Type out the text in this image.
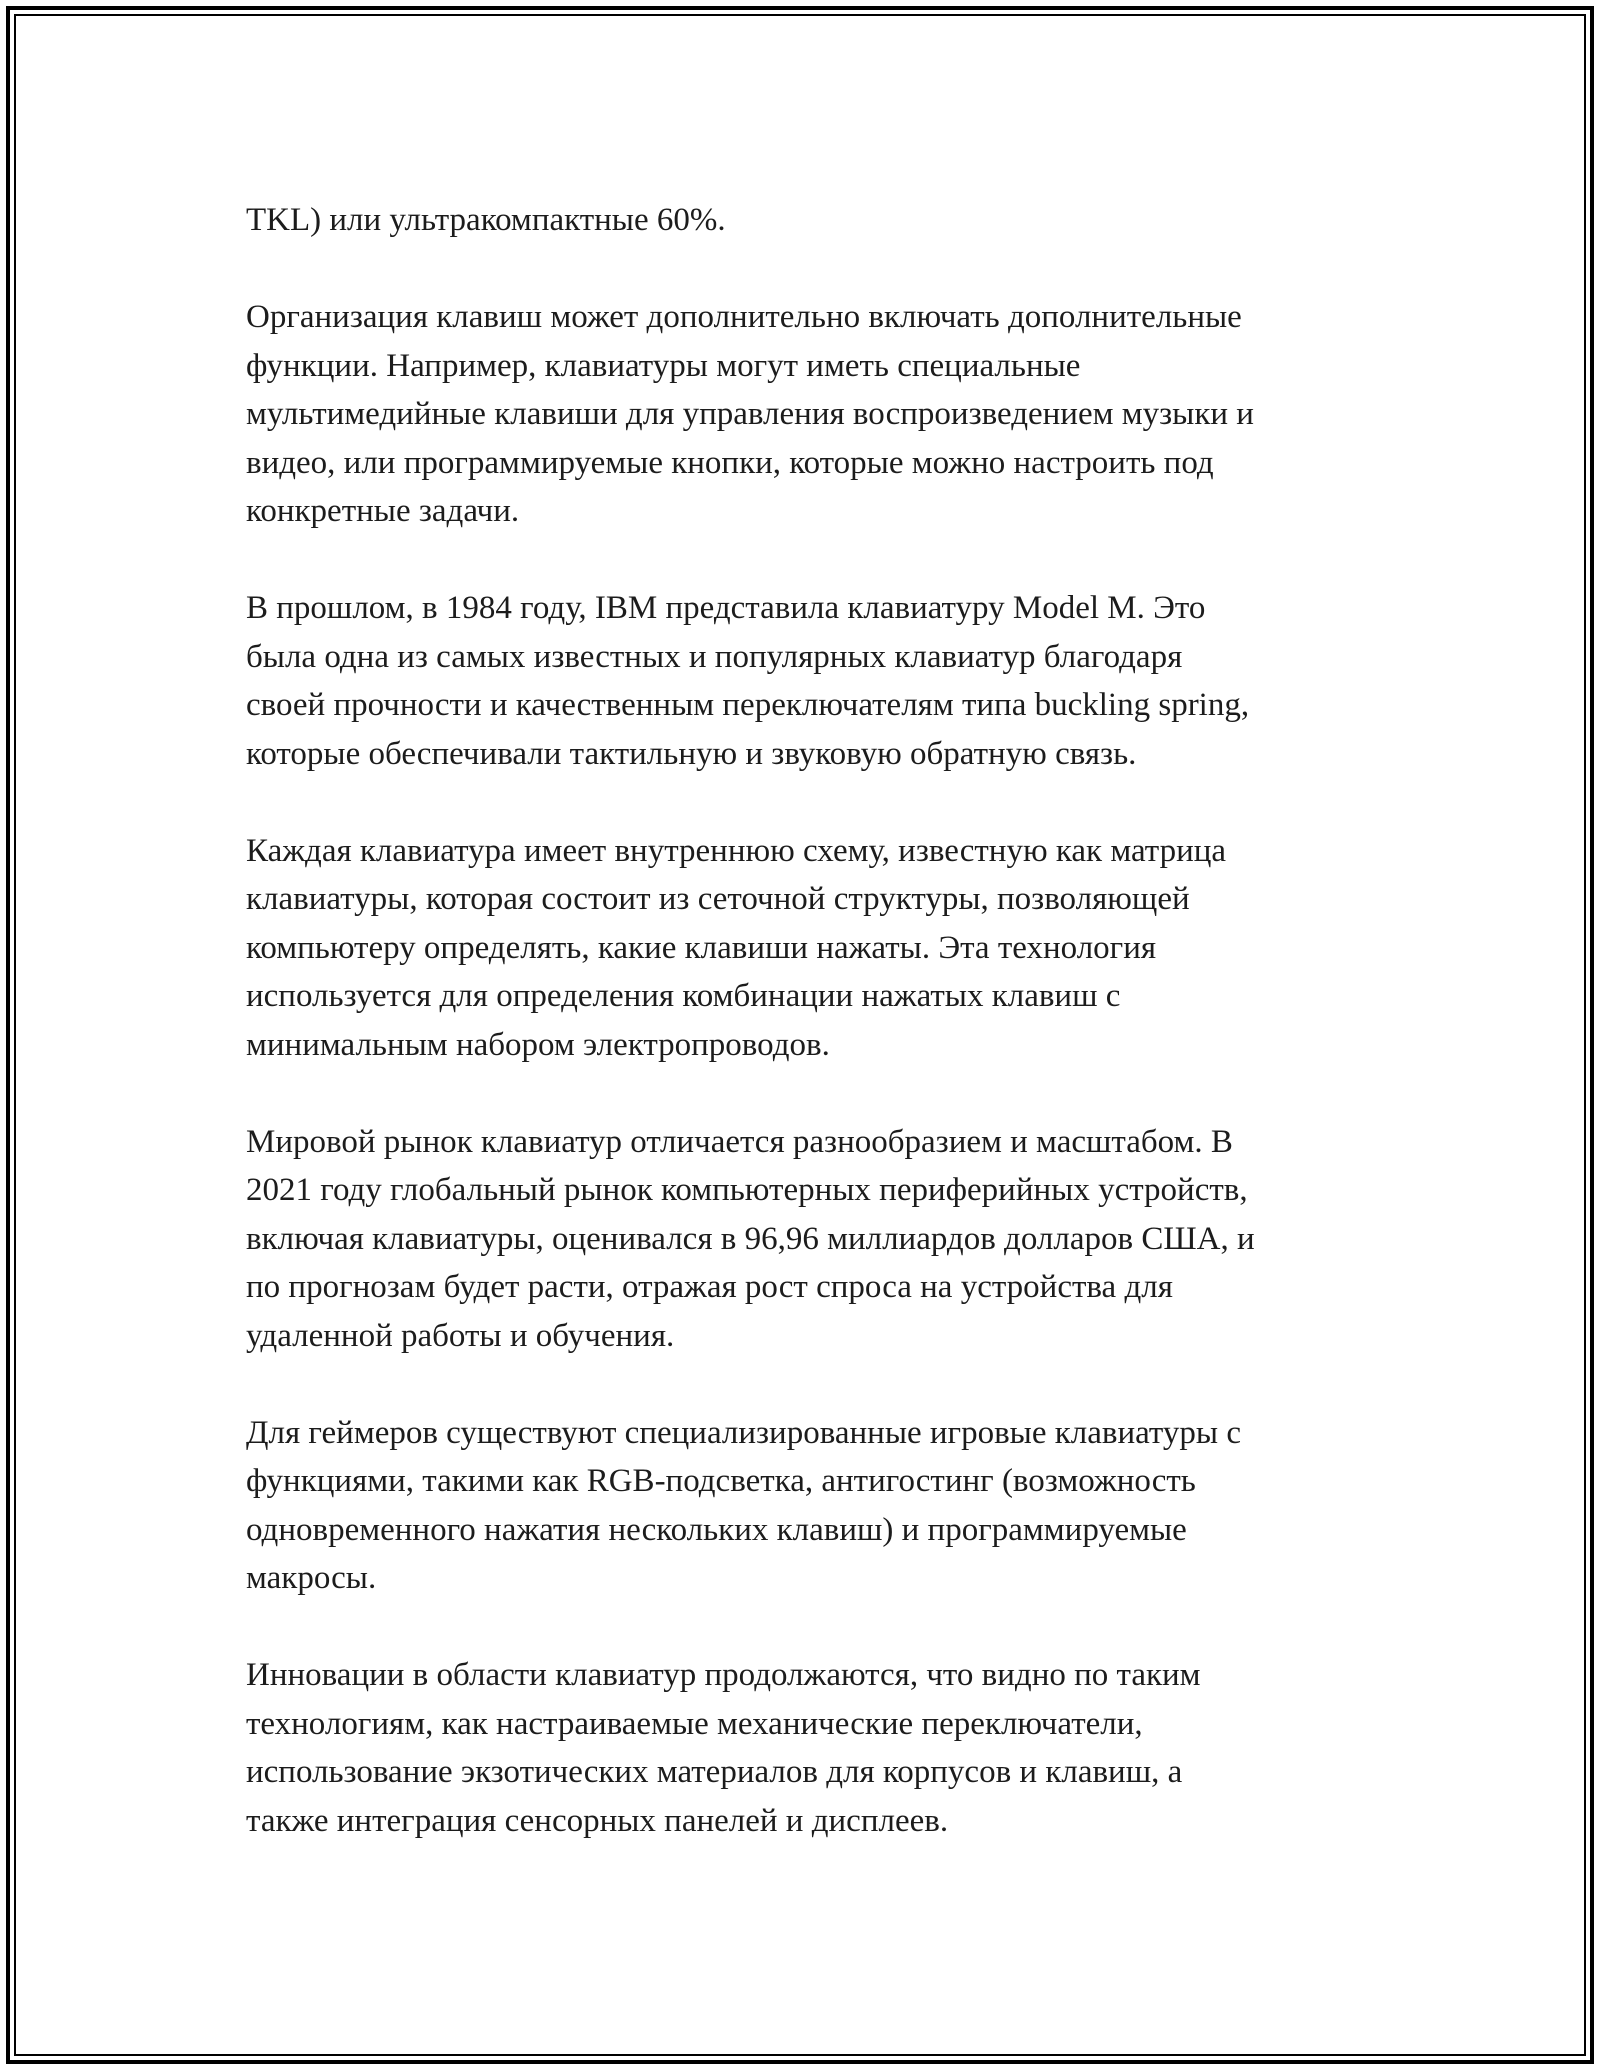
TKL) или ультракомпактные 60%.

Организация клавиш может дополнительно включать дополнительные
функции. Например, клавиатуры могут иметь специальные
мультимедийные клавиши для управления воспроизведением музыки и
видео, или программируемые кнопки, которые можно настроить под
конкретные задачи.

В прошлом, в 1984 году, IBM представила клавиатуру Model M. Это
была одна из самых известных и популярных клавиатур благодаря
своей прочности и качественным переключателям типа buckling spring,
которые обеспечивали тактильную и звуковую обратную связь.

Каждая клавиатура имеет внутреннюю схему, известную как матрица
клавиатуры, которая состоит из сеточной структуры, позволяющей
компьютеру определять, какие клавиши нажаты. Эта технология
используется для определения комбинации нажатых клавиш с
минимальным набором электропроводов.

Мировой рынок клавиатур отличается разнообразием и масштабом. В
2021 году глобальный рынок компьютерных периферийных устройств,
включая клавиатуры, оценивался в 96,96 миллиардов долларов США, и
по прогнозам будет расти, отражая рост спроса на устройства для
удаленной работы и обучения.

Для геймеров существуют специализированные игровые клавиатуры с
функциями, такими как RGB-подсветка, антигостинг (возможность
одновременного нажатия нескольких клавиш) и программируемые
макросы.

Инновации в области клавиатур продолжаются, что видно по таким
технологиям, как настраиваемые механические переключатели,
использование экзотических материалов для корпусов и клавиш, а
также интеграция сенсорных панелей и дисплеев.
